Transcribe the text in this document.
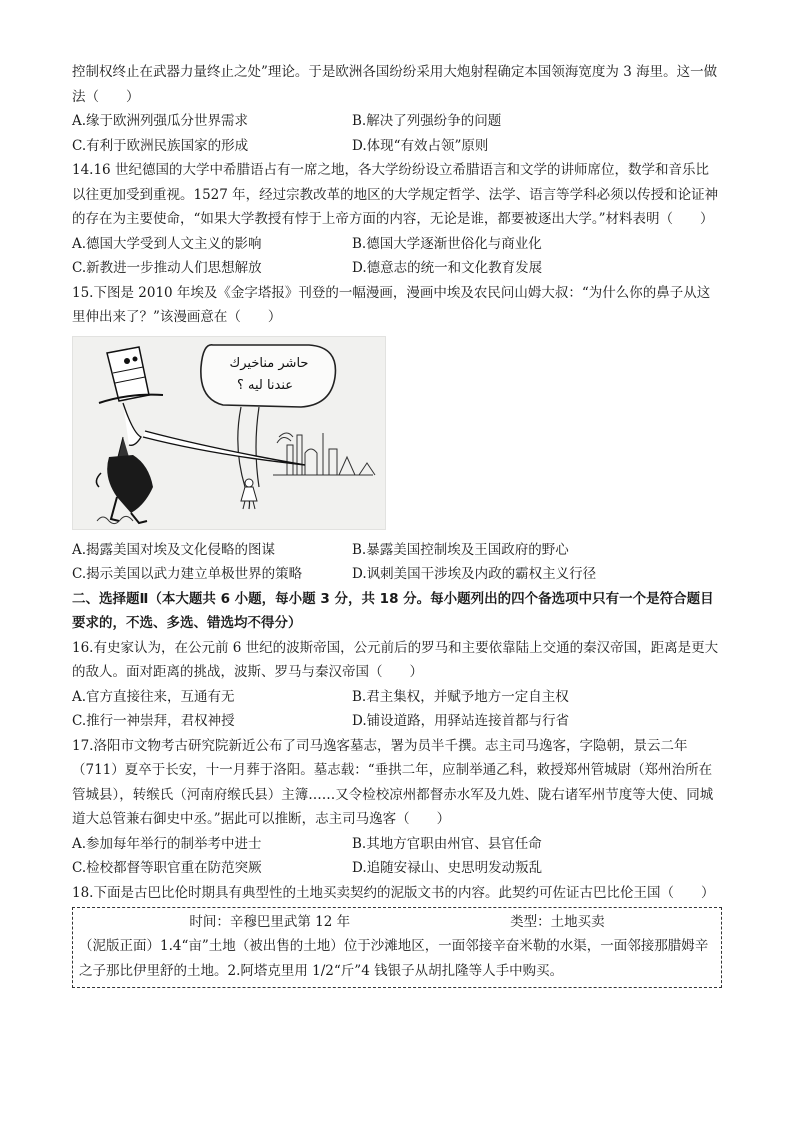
控制权终止在武器力量终止之处”理论。于是欧洲各国纷纷采用大炮射程确定本国领海宽度为 3 海里。这一做法（　　）

A.缘于欧洲列强瓜分世界需求	B.解决了列强纷争的问题
C.有利于欧洲民族国家的形成	D.体现“有效占领”原则

14.16 世纪德国的大学中希腊语占有一席之地，各大学纷纷设立希腊语言和文学的讲师席位，数学和音乐比以往更加受到重视。1527 年，经过宗教改革的地区的大学规定哲学、法学、语言等学科必须以传授和论证神的存在为主要使命，“如果大学教授有悖于上帝方面的内容，无论是谁，都要被逐出大学。”材料表明（　　）

A.德国大学受到人文主义的影响	B.德国大学逐渐世俗化与商业化
C.新教进一步推动人们思想解放	D.德意志的统一和文化教育发展

15.下图是 2010 年埃及《金字塔报》刊登的一幅漫画，漫画中埃及农民问山姆大叔：“为什么你的鼻子从这里伸出来了？”该漫画意在（　　）

حاشر مناخيرك
عندنا ليه ؟
A.揭露美国对埃及文化侵略的图谋	B.暴露美国控制埃及王国政府的野心
C.揭示美国以武力建立单极世界的策略	D.讽刺美国干涉埃及内政的霸权主义行径

二、选择题Ⅱ（本大题共 6 小题，每小题 3 分，共 18 分。每小题列出的四个备选项中只有一个是符合题目要求的，不选、多选、错选均不得分）

16.有史家认为，在公元前 6 世纪的波斯帝国，公元前后的罗马和主要依靠陆上交通的秦汉帝国，距离是更大的敌人。面对距离的挑战，波斯、罗马与秦汉帝国（　　）

A.官方直接往来，互通有无	B.君主集权，并赋予地方一定自主权
C.推行一神崇拜，君权神授	D.铺设道路，用驿站连接首都与行省

17.洛阳市文物考古研究院新近公布了司马逸客墓志，署为员半千撰。志主司马逸客，字隐朝，景云二年（711）夏卒于长安，十一月葬于洛阳。墓志载：“垂拱二年，应制举通乙科，敕授郑州管城尉（郑州治所在管城县），转缑氏（河南府缑氏县）主簿……又令检校凉州都督赤水军及九姓、陇右诸军州节度等大使、同城道大总管兼右御史中丞。”据此可以推断，志主司马逸客（　　）

A.参加每年举行的制举考中进士	B.其地方官职由州官、县官任命
C.检校都督等职官重在防范突厥	D.追随安禄山、史思明发动叛乱

18.下面是古巴比伦时期具有典型性的土地买卖契约的泥版文书的内容。此契约可佐证古巴比伦王国（　　）

时间：辛穆巴里武第 12 年	类型：土地买卖

（泥版正面）1.4“亩”土地（被出售的土地）位于沙滩地区，一面邻接辛奋米勒的水渠，一面邻接那腊姆辛之子那比伊里舒的土地。2.阿塔克里用 1/2“斤”4 钱银子从胡扎隆等人手中购买。
